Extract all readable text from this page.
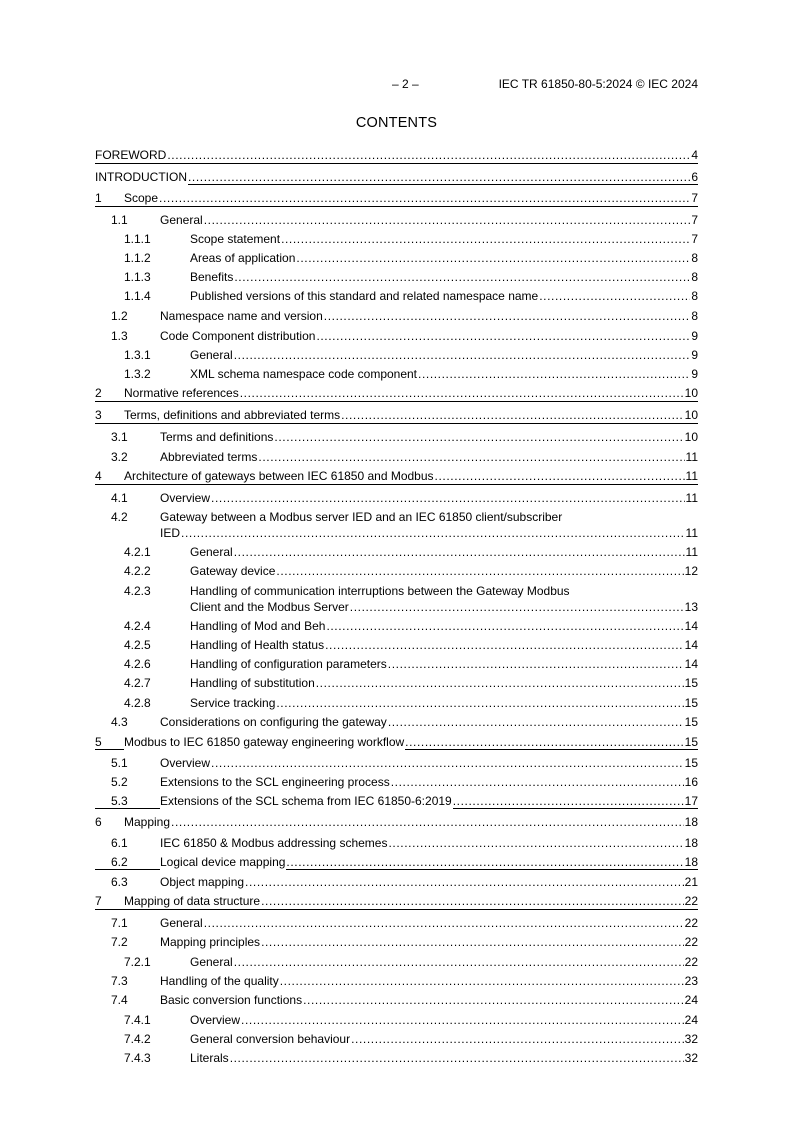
– 2 –	IEC TR 61850-80-5:2024 © IEC 2024
CONTENTS
FOREWORD .....	4
INTRODUCTION .....	6
1 Scope .....	7
1.1	General .....	7
1.1.1	Scope statement .....	7
1.1.2	Areas of application .....	8
1.1.3	Benefits .....	8
1.1.4	Published versions of this standard and related namespace name .....	8
1.2	Namespace name and version .....	8
1.3	Code Component distribution .....	9
1.3.1	General .....	9
1.3.2	XML schema namespace code component .....	9
2 Normative references .....	10
3 Terms, definitions and abbreviated terms .....	10
3.1	Terms and definitions .....	10
3.2	Abbreviated terms .....	11
4 Architecture of gateways between IEC 61850 and Modbus .....	11
4.1	Overview .....	11
4.2	Gateway between a Modbus server IED and an IEC 61850 client/subscriber
IED .....	11
4.2.1	General .....	11
4.2.2	Gateway device .....	12
4.2.3	Handling of communication interruptions between the Gateway Modbus
Client and the Modbus Server .....	13
4.2.4	Handling of Mod and Beh .....	14
4.2.5	Handling of Health status .....	14
4.2.6	Handling of configuration parameters .....	14
4.2.7	Handling of substitution .....	15
4.2.8	Service tracking .....	15
4.3	Considerations on configuring the gateway .....	15
5 Modbus to IEC 61850 gateway engineering workflow .....	15
5.1	Overview .....	15
5.2	Extensions to the SCL engineering process .....	16
5.3	Extensions of the SCL schema from IEC 61850-6:2019 .....	17
6 Mapping .....	18
6.1	IEC 61850 & Modbus addressing schemes .....	18
6.2	Logical device mapping .....	18
6.3	Object mapping .....	21
7 Mapping of data structure .....	22
7.1	General .....	22
7.2	Mapping principles .....	22
7.2.1	General .....	22
7.3	Handling of the quality .....	23
7.4	Basic conversion functions .....	24
7.4.1	Overview .....	24
7.4.2	General conversion behaviour .....	32
7.4.3	Literals .....	32
